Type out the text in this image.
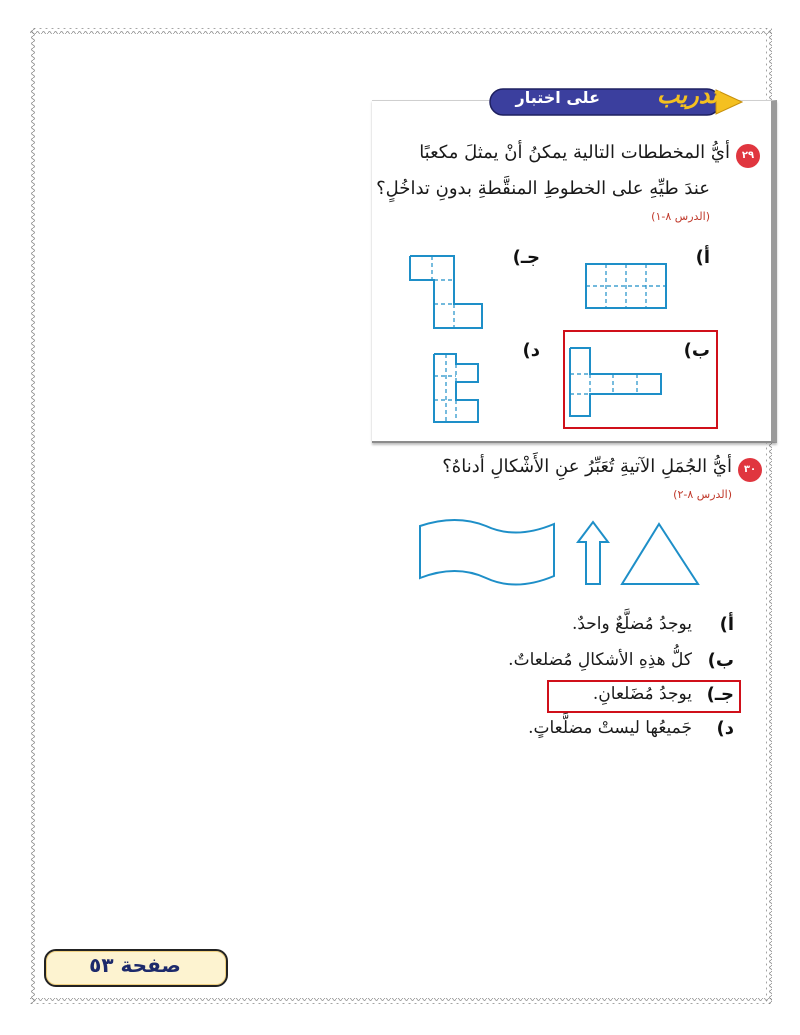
على اختبار	تدريب
٢٩
أيُّ المخططات التالية يمكنُ أنْ يمثلَ مكعبًا
عندَ طيِّهِ على الخطوطِ المنقَّطةِ بدونِ تداخُلٍ؟
(الدرس ٨-١)
أ)
جـ)
ب)
د)
٣٠
أيُّ الجُمَلِ الآتيةِ تُعَبِّرُ عنِ الأَشْكالِ أدناهُ؟
(الدرس ٨-٢)
أ)
يوجدُ مُضلَّعٌ واحدٌ.
ب)
كلُّ هذِهِ الأشكالِ مُضلعاتٌ.
جـ)
يوجدُ مُضَلعانِ.
د)
جَميعُها ليستْ مضلَّعاتٍ.
صفحة ٥٣
